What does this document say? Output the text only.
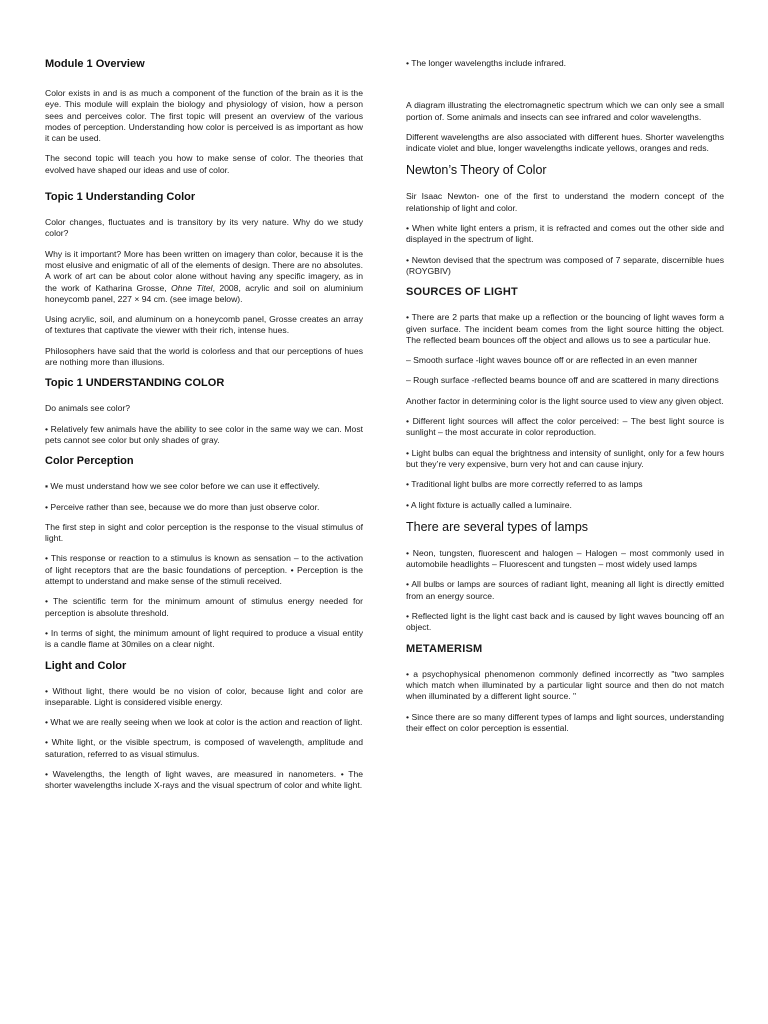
Module 1 Overview

Color exists in and is as much a component of the function of the brain as it is the eye. This module will explain the biology and physiology of vision, how a person sees and perceives color. The first topic will present an overview of the various modes of perception. Understanding how color is perceived is as important as how it can be used.

The second topic will teach you how to make sense of color. The theories that evolved have shaped our ideas and use of color.

Topic 1 Understanding Color

Color changes, fluctuates and is transitory by its very nature. Why do we study color?

Why is it important? More has been written on imagery than color, because it is the most elusive and enigmatic of all of the elements of design. There are no absolutes. A work of art can be about color alone without having any specific imagery, as in the work of Katharina Grosse, Ohne Titel, 2008, acrylic and soil on aluminium honeycomb panel, 227 × 94 cm. (see image below).

Using acrylic, soil, and aluminum on a honeycomb panel, Grosse creates an array of textures that captivate the viewer with their rich, intense hues.

Philosophers have said that the world is colorless and that our perceptions of hues are nothing more than illusions.

Topic 1 UNDERSTANDING COLOR

Do animals see color?

• Relatively few animals have the ability to see color in the same way we can. Most pets cannot see color but only shades of gray.

Color Perception

▪ We must understand how we see color before we can use it effectively.

• Perceive rather than see, because we do more than just observe color.

The first step in sight and color perception is the response to the visual stimulus of light.

• This response or reaction to a stimulus is known as sensation – to the activation of light receptors that are the basic foundations of perception. • Perception is the attempt to understand and make sense of the stimuli received.

• The scientific term for the minimum amount of stimulus energy needed for perception is absolute threshold.

• In terms of sight, the minimum amount of light required to produce a visual entity is a candle flame at 30miles on a clear night.

Light and Color

• Without light, there would be no vision of color, because light and color are inseparable. Light is considered visible energy.

• What we are really seeing when we look at color is the action and reaction of light.

• White light, or the visible spectrum, is composed of wavelength, amplitude and saturation, referred to as visual stimulus.

• Wavelengths, the length of light waves, are measured in nanometers. • The shorter wavelengths include X-rays and the visual spectrum of color and white light.

• The longer wavelengths include infrared.

A diagram illustrating the electromagnetic spectrum which we can only see a small portion of. Some animals and insects can see infrared and color wavelengths.

Different wavelengths are also associated with different hues. Shorter wavelengths indicate violet and blue, longer wavelengths indicate yellows, oranges and reds.

Newton’s Theory of Color

Sir Isaac Newton- one of the first to understand the modern concept of the relationship of light and color.

• When white light enters a prism, it is refracted and comes out the other side and displayed in the spectrum of light.

• Newton devised that the spectrum was composed of 7 separate, discernible hues (ROYGBIV)

SOURCES OF LIGHT

• There are 2 parts that make up a reflection or the bouncing of light waves form a given surface. The incident beam comes from the light source hitting the object. The reflected beam bounces off the object and allows us to see a particular hue.

– Smooth surface -light waves bounce off or are reflected in an even manner

– Rough surface -reflected beams bounce off and are scattered in many directions

Another factor in determining color is the light source used to view any given object.

• Different light sources will affect the color perceived: – The best light source is sunlight – the most accurate in color reproduction.

• Light bulbs can equal the brightness and intensity of sunlight, only for a few hours but they’re very expensive, burn very hot and can cause injury.

• Traditional light bulbs are more correctly referred to as lamps

• A light fixture is actually called a luminaire.

There are several types of lamps

• Neon, tungsten, fluorescent and halogen – Halogen – most commonly used in automobile headlights – Fluorescent and tungsten – most widely used lamps

• All bulbs or lamps are sources of radiant light, meaning all light is directly emitted from an energy source.

• Reflected light is the light cast back and is caused by light waves bouncing off an object.

METAMERISM

• a psychophysical phenomenon commonly defined incorrectly as "two samples which match when illuminated by a particular light source and then do not match when illuminated by a different light source. "

• Since there are so many different types of lamps and light sources, understanding their effect on color perception is essential.
